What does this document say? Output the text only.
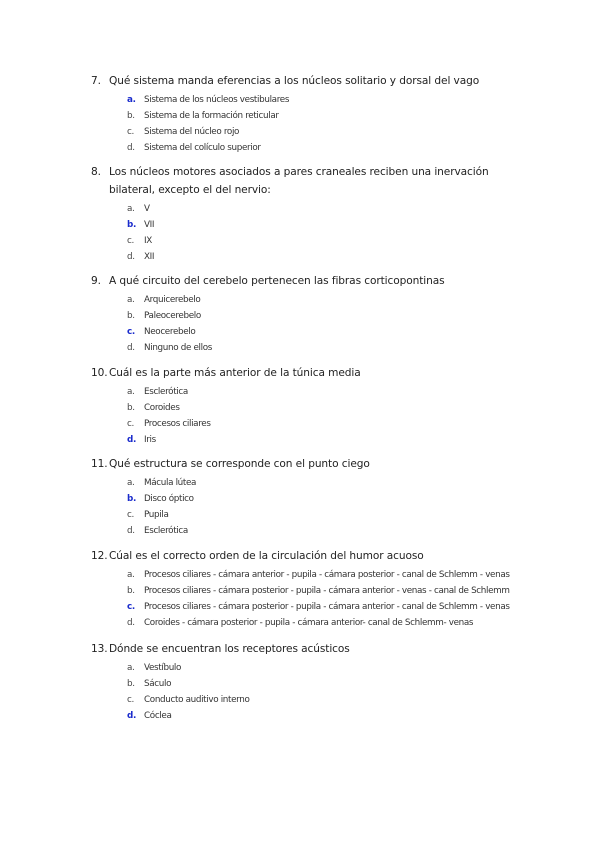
7. Qué sistema manda eferencias a los núcleos solitario y dorsal del vago

a. Sistema de los núcleos vestibulares
b.	Sistema de la formación reticular
c.	Sistema del núcleo rojo
d.	Sistema del colículo superior

8. Los núcleos motores asociados a pares craneales reciben una inervación bilateral, excepto el del nervio:

a.	V
b. VII
c.	IX
d.	XII

9. A qué circuito del cerebelo pertenecen las fibras corticopontinas

a.	Arquicerebelo
b.	Paleocerebelo
c.	Neocerebelo
d.	Ninguno de ellos

10.Cuál es la parte más anterior de la túnica media

a.	Esclerótica
b.	Coroides
c.	Procesos ciliares
d. Iris

11.Qué estructura se corresponde con el punto ciego

a.	Mácula lútea
b. Disco óptico
c.	Pupila
d.	Esclerótica

12.Cúal es el correcto orden de la circulación del humor acuoso

a.	Procesos ciliares - cámara anterior - pupila - cámara posterior - canal de Schlemm - venas
b.	Procesos ciliares - cámara posterior - pupila - cámara anterior - venas - canal de Schlemm
c.	Procesos ciliares - cámara posterior - pupila - cámara anterior - canal de Schlemm - venas
d.	Coroides - cámara posterior - pupila - cámara anterior- canal de Schlemm- venas

13.Dónde se encuentran los receptores acústicos

a.	Vestíbulo
b.	Sáculo
c.	Conducto auditivo interno
d. Cóclea
